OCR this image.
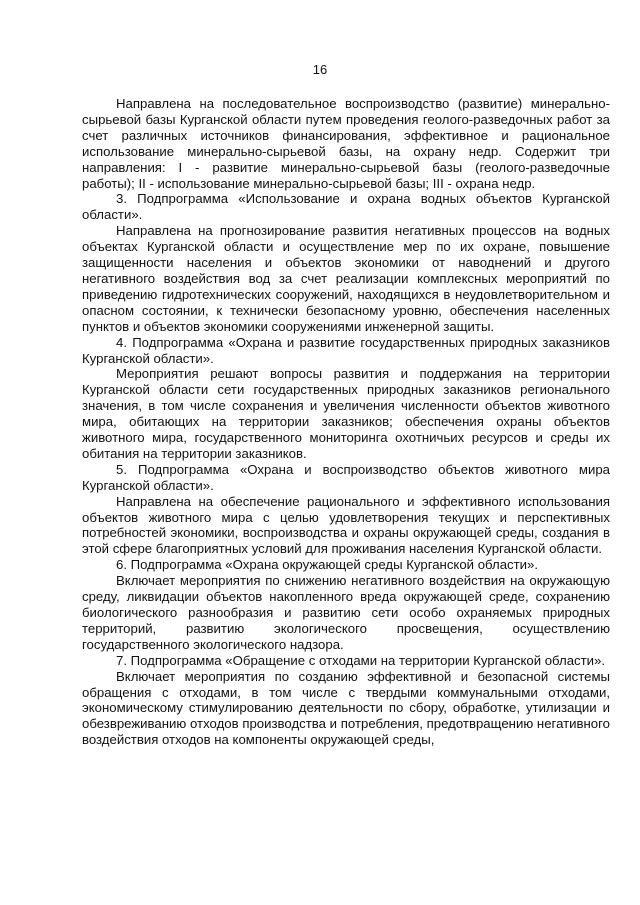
16

Направлена на последовательное воспроизводство (развитие) минерально-сырьевой базы Курганской области путем проведения геолого-разведочных работ за счет различных источников финансирования, эффективное и рациональное использование минерально-сырьевой базы, на охрану недр. Содержит три направления: I - развитие минерально-сырьевой базы (геолого-разведочные работы); II - использование минерально-сырьевой базы; III - охрана недр.

3. Подпрограмма «Использование и охрана водных объектов Курганской области».

Направлена на прогнозирование развития негативных процессов на водных объектах Курганской области и осуществление мер по их охране, повышение защищенности населения и объектов экономики от наводнений и другого негативного воздействия вод за счет реализации комплексных мероприятий по приведению гидротехнических сооружений, находящихся в неудовлетворительном и опасном состоянии, к технически безопасному уровню, обеспечения населенных пунктов и объектов экономики сооружениями инженерной защиты.

4. Подпрограмма «Охрана и развитие государственных природных заказников Курганской области».

Мероприятия решают вопросы развития и поддержания на территории Курганской области сети государственных природных заказников регионального значения, в том числе сохранения и увеличения численности объектов животного мира, обитающих на территории заказников; обеспечения охраны объектов животного мира, государственного мониторинга охотничьих ресурсов и среды их обитания на территории заказников.

5. Подпрограмма «Охрана и воспроизводство объектов животного мира Курганской области».

Направлена на обеспечение рационального и эффективного использования объектов животного мира с целью удовлетворения текущих и перспективных потребностей экономики, воспроизводства и охраны окружающей среды, создания в этой сфере благоприятных условий для проживания населения Курганской области.

6. Подпрограмма «Охрана окружающей среды Курганской области».

Включает мероприятия по снижению негативного воздействия на окружающую среду, ликвидации объектов накопленного вреда окружающей среде, сохранению биологического разнообразия и развитию сети особо охраняемых природных территорий, развитию экологического просвещения, осуществлению государственного экологического надзора.

7. Подпрограмма «Обращение с отходами на территории Курганской области».

Включает мероприятия по созданию эффективной и безопасной системы обращения с отходами, в том числе с твердыми коммунальными отходами, экономическому стимулированию деятельности по сбору, обработке, утилизации и обезвреживанию отходов производства и потребления, предотвращению негативного воздействия отходов на компоненты окружающей среды,
